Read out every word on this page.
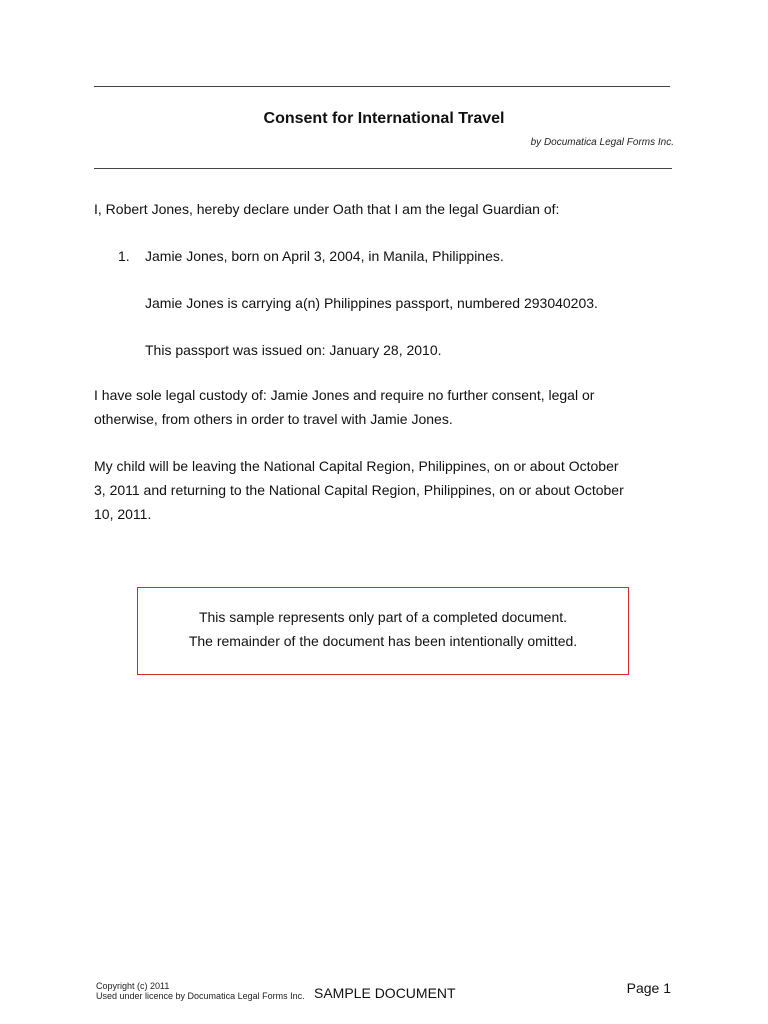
Consent for International Travel
by Documatica Legal Forms Inc.
I, Robert Jones, hereby declare under Oath that I am the legal Guardian of:
1. Jamie Jones, born on April 3, 2004, in Manila, Philippines.
Jamie Jones is carrying a(n) Philippines passport, numbered 293040203.
This passport was issued on: January 28, 2010.
I have sole legal custody of: Jamie Jones and require no further consent, legal or
otherwise, from others in order to travel with Jamie Jones.
My child will be leaving the National Capital Region, Philippines, on or about October
3, 2011 and returning to the National Capital Region, Philippines, on or about October
10, 2011.
This sample represents only part of a completed document.
The remainder of the document has been intentionally omitted.
Copyright (c) 2011
Used under licence by Documatica Legal Forms Inc. SAMPLE DOCUMENT	Page 1
